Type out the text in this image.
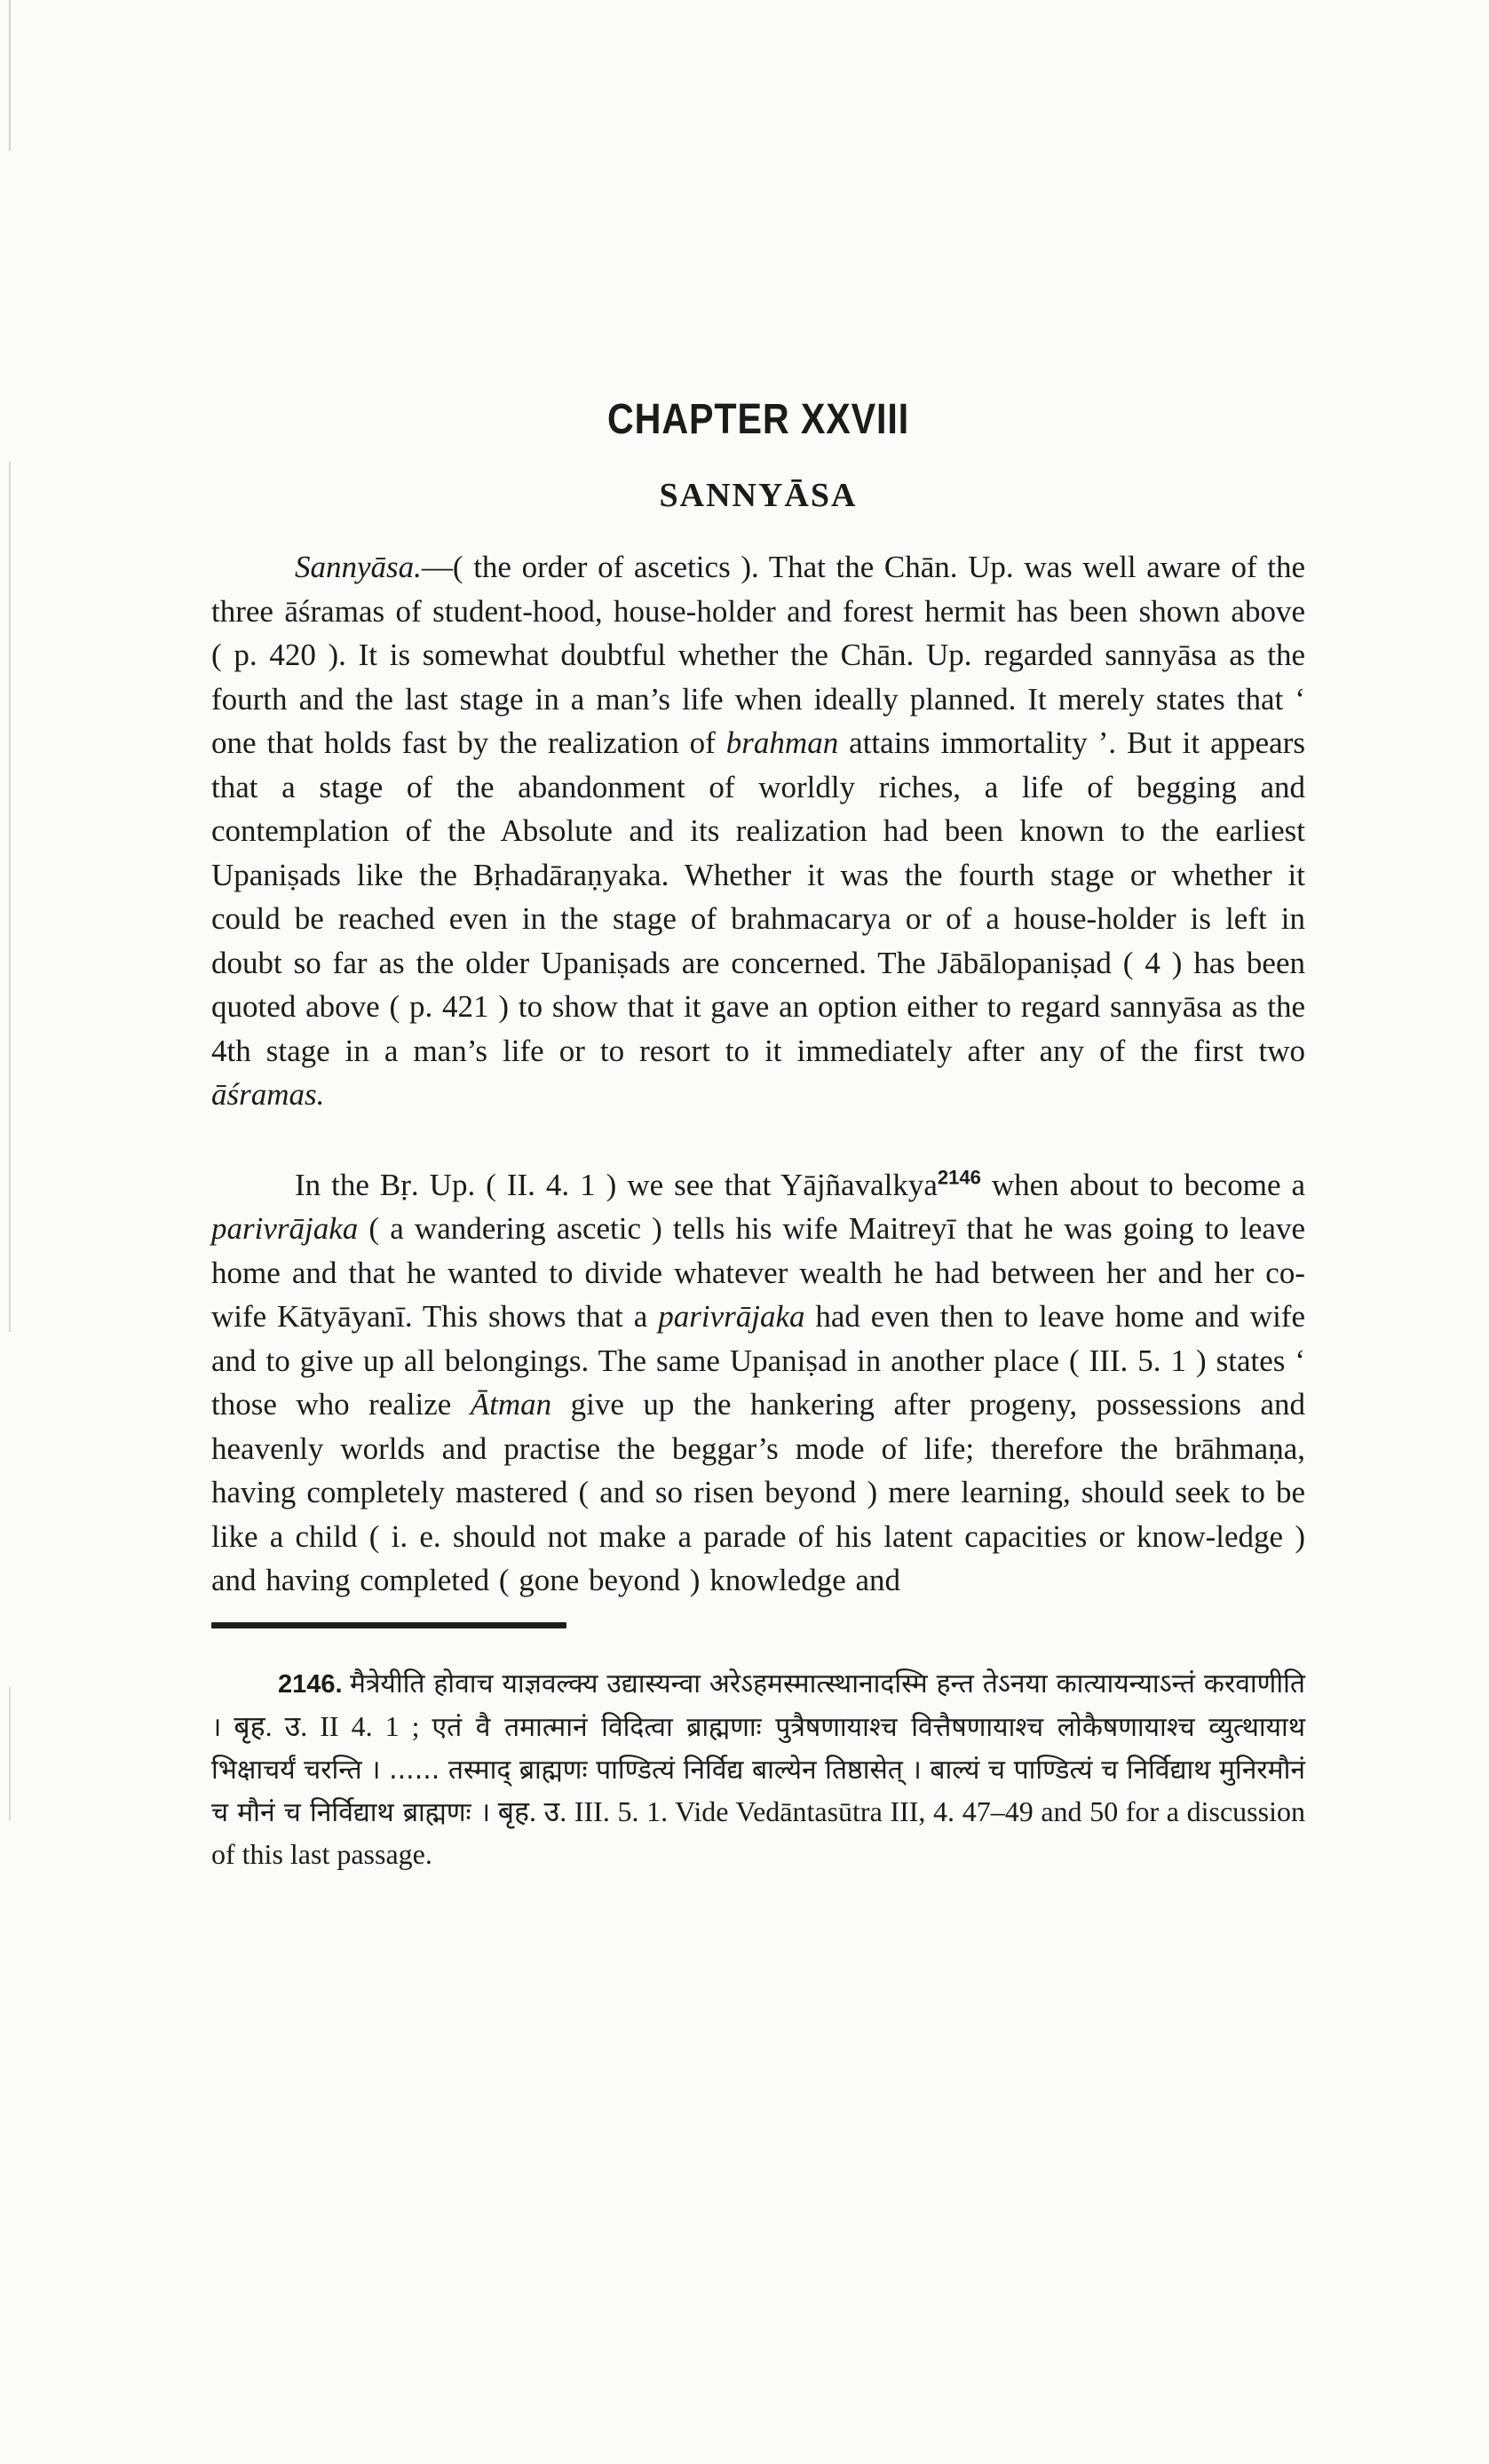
CHAPTER XXVIII
SANNYĀSA

Sannyāsa.—( the order of ascetics ). That the Chān. Up. was well aware of the three āśramas of student-hood, house-holder and forest hermit has been shown above ( p. 420 ). It is somewhat doubtful whether the Chān. Up. regarded sannyāsa as the fourth and the last stage in a man’s life when ideally planned. It merely states that ‘ one that holds fast by the realization of brahman attains immortality ’. But it appears that a stage of the abandonment of worldly riches, a life of begging and contemplation of the Absolute and its realization had been known to the earliest Upaniṣads like the Bṛhadāraṇyaka. Whether it was the fourth stage or whether it could be reached even in the stage of brahmacarya or of a house-holder is left in doubt so far as the older Upaniṣads are concerned. The Jābālopaniṣad ( 4 ) has been quoted above ( p. 421 ) to show that it gave an option either to regard sannyāsa as the 4th stage in a man’s life or to resort to it immediately after any of the first two āśramas.

In the Bṛ. Up. ( II. 4. 1 ) we see that Yājñavalkya$^{2146}$ when about to become a parivrājaka ( a wandering ascetic ) tells his wife Maitreyī that he was going to leave home and that he wanted to divide whatever wealth he had between her and her co-wife Kātyāyanī. This shows that a parivrājaka had even then to leave home and wife and to give up all belongings. The same Upaniṣad in another place ( III. 5. 1 ) states ‘ those who realize Ātman give up the hankering after progeny, possessions and heavenly worlds and practise the beggar’s mode of life; therefore the brāhmaṇa, having completely mastered ( and so risen beyond ) mere learning, should seek to be like a child ( i. e. should not make a parade of his latent capacities or know-ledge ) and having completed ( gone beyond ) knowledge and

2146. मैत्रेयीति होवाच याज्ञवल्क्य उद्यास्यन्वा अरेऽहमस्मात्स्थानादस्मि हन्त तेऽनया कात्यायन्याऽन्तं करवाणीति । बृह. उ. II 4. 1 ; एतं वै तमात्मानं विदित्वा ब्राह्मणाः पुत्रैषणायाश्च वित्तैषणायाश्च लोकैषणायाश्च व्युत्थायाथ भिक्षाचर्यं चरन्ति । ...... तस्माद् ब्राह्मणः पाण्डित्यं निर्विद्य बाल्येन तिष्ठासेत् । बाल्यं च पाण्डित्यं च निर्विद्याथ मुनिरमौनं च मौनं च निर्विद्याथ ब्राह्मणः । बृह. उ. III. 5. 1. Vide Vedāntasūtra III, 4. 47–49 and 50 for a discussion of this last passage.
